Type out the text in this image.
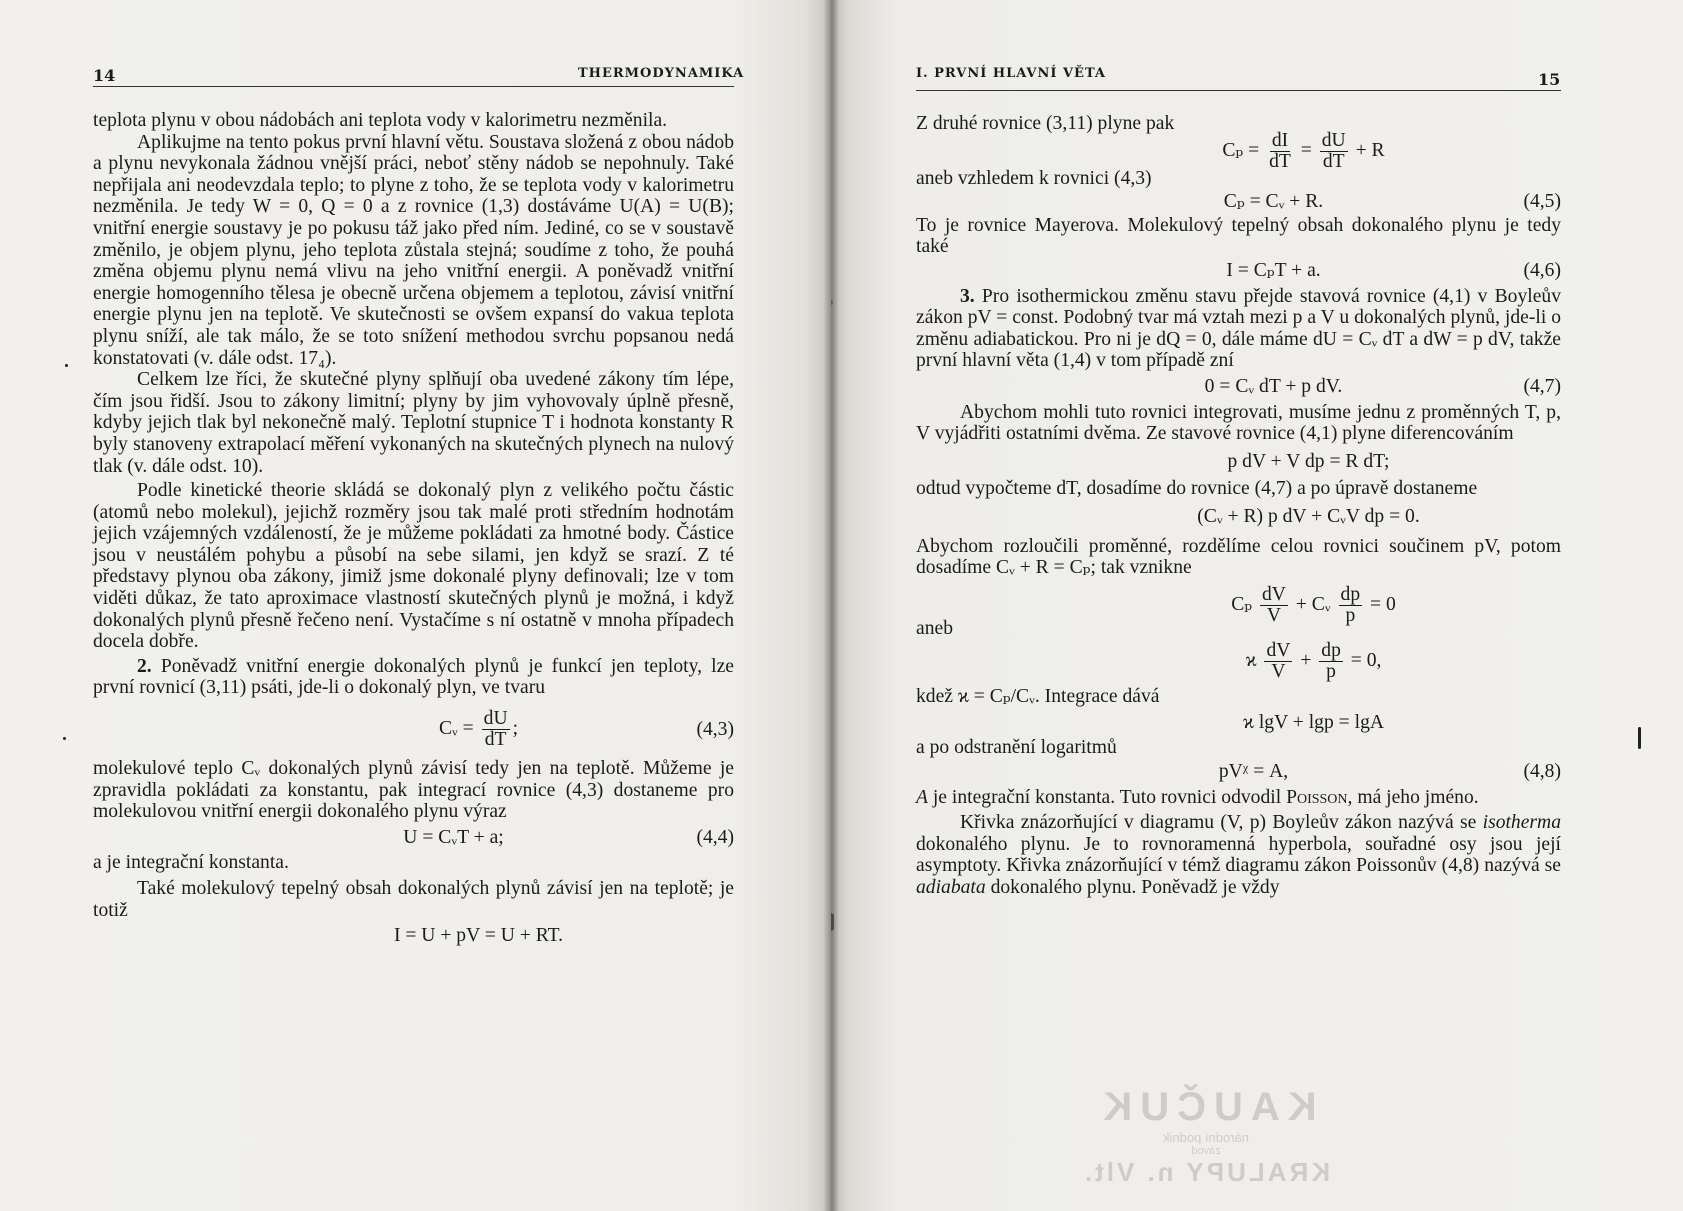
14	THERMODYNAMIKA

teplota plynu v obou nádobách ani teplota vody v kalorimetru nezměnila.

Aplikujme na tento pokus první hlavní větu. Soustava složená z obou nádob a plynu nevykonala žádnou vnější práci, neboť stěny nádob se nepohnuly. Také nepřijala ani neodevzdala teplo; to plyne z toho, že se teplota vody v kalorimetru nezměnila. Je tedy W = 0, Q = 0 a z rovnice (1,3) dostáváme U(A) = U(B); vnitřní energie soustavy je po pokusu táž jako před ním. Jediné, co se v soustavě změnilo, je objem plynu, jeho teplota zůstala stejná; soudíme z toho, že pouhá změna objemu plynu nemá vlivu na jeho vnitřní energii. A poněvadž vnitřní energie homogenního tělesa je obecně určena objemem a teplotou, závisí vnitřní energie plynu jen na teplotě. Ve skutečnosti se ovšem expansí do vakua teplota plynu sníží, ale tak málo, že se toto snížení methodou svrchu popsanou nedá konstatovati (v. dále odst. 17₄).

Celkem lze říci, že skutečné plyny splňují oba uvedené zákony tím lépe, čím jsou řidší. Jsou to zákony limitní; plyny by jim vyhovovaly úplně přesně, kdyby jejich tlak byl nekonečně malý. Teplotní stupnice T i hodnota konstanty R byly stanoveny extrapolací měření vykonaných na skutečných plynech na nulový tlak (v. dále odst. 10).

Podle kinetické theorie skládá se dokonalý plyn z velikého počtu částic (atomů nebo molekul), jejichž rozměry jsou tak malé proti středním hodnotám jejich vzájemných vzdáleností, že je můžeme pokládati za hmotné body. Částice jsou v neustálém pohybu a působí na sebe silami, jen když se srazí. Z té představy plynou oba zákony, jimiž jsme dokonalé plyny definovali; lze v tom viděti důkaz, že tato aproximace vlastností skutečných plynů je možná, i když dokonalých plynů přesně řečeno není. Vystačíme s ní ostatně v mnoha případech docela dobře.

2. Poněvadž vnitřní energie dokonalých plynů je funkcí jen teploty, lze první rovnicí (3,11) psáti, jde-li o dokonalý plyn, ve tvaru

Cᵥ = $\frac{dU}{dT}$ ;	(4,3)

molekulové teplo Cᵥ dokonalých plynů závisí tedy jen na teplotě. Můžeme je zpravidla pokládati za konstantu, pak integrací rovnice (4,3) dostaneme pro molekulovou vnitřní energii dokonalého plynu výraz

U = CᵥT + a;	(4,4)

a je integrační konstanta.

Také molekulový tepelný obsah dokonalých plynů závisí jen na teplotě; je totiž

I = U + pV = U + RT.
I. PRVNÍ HLAVNÍ VĚTA	15

Z druhé rovnice (3,11) plyne pak

$C_p = \frac{dI}{dT} = \frac{dU}{dT} + R$

aneb vzhledem k rovnici (4,3)

Cₚ = Cᵥ + R.	(4,5)

To je rovnice Mayerova. Molekulový tepelný obsah dokonalého plynu je tedy také

I = CₚT + a.	(4,6)

3. Pro isothermickou změnu stavu přejde stavová rovnice (4,1) v Boyleův zákon pV = const. Podobný tvar má vztah mezi p a V u dokonalých plynů, jde-li o změnu adiabatickou. Pro ni je dQ = 0, dále máme dU = Cᵥ dT a dW = p dV, takže první hlavní věta (1,4) v tom případě zní

0 = Cᵥ dT + p dV.	(4,7)

Abychom mohli tuto rovnici integrovati, musíme jednu z proměnných T, p, V vyjádřiti ostatními dvěma. Ze stavové rovnice (4,1) plyne diferencováním

p dV + V dp = R dT;

odtud vypočteme dT, dosadíme do rovnice (4,7) a po úpravě dostaneme

(Cᵥ + R) p dV + CᵥV dp = 0.

Abychom rozloučili proměnné, rozdělíme celou rovnici součinem pV, potom dosadíme Cᵥ + R = Cₚ; tak vznikne

Cₚ $\frac{dV}{V}$ + Cᵥ $\frac{dp}{p} = 0$

aneb

ϰ $\frac{dV}{V} + \frac{dp}{p} = 0$,

kdež ϰ = Cₚ/Cᵥ. Integrace dává

ϰ lgV + lgp = lgA

a po odstranění logaritmů

pVᵡ = A,	(4,8)

A je integrační konstanta. Tuto rovnici odvodil Poisson, má jeho jméno.

Křivka znázorňující v diagramu (V, p) Boyleův zákon nazývá se isotherma dokonalého plynu. Je to rovnoramenná hyperbola, souřadné osy jsou její asymptoty. Křivka znázorňující v témž diagramu zákon Poissonův (4,8) nazývá se adiabata dokonalého plynu. Poněvadž je vždy

KAUČUK
národní podnik
závod
KRALUPY n. Vlt.
